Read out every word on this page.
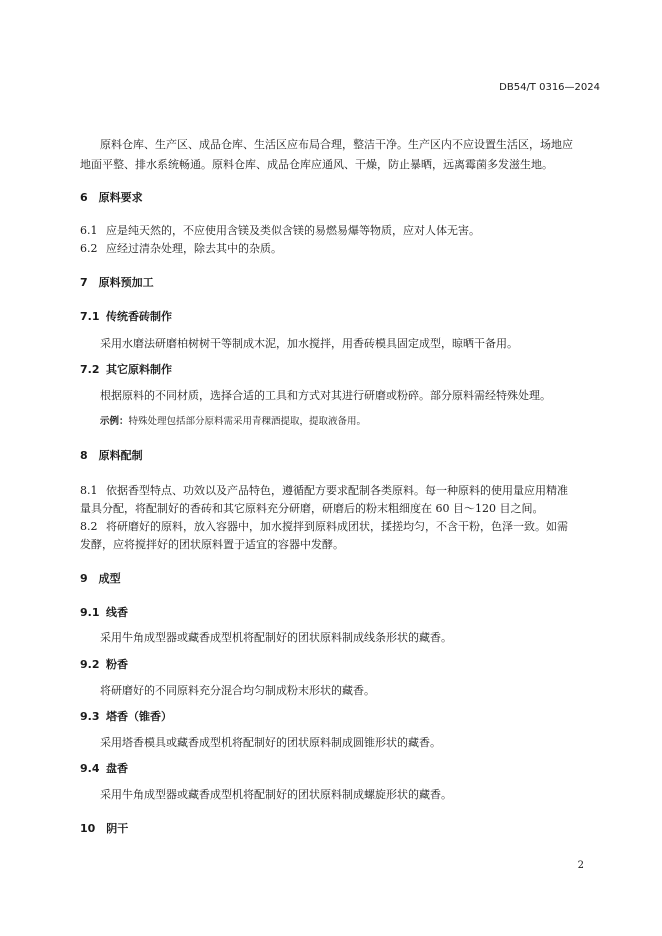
DB54/T 0316—2024
原料仓库、生产区、成品仓库、生活区应布局合理，整洁干净。生产区内不应设置生活区，场地应
地面平整、排水系统畅通。原料仓库、成品仓库应通风、干燥，防止暴晒，远离霉菌多发滋生地。
6　原料要求
6.1 应是纯天然的，不应使用含镁及类似含镁的易燃易爆等物质，应对人体无害。
6.2 应经过清杂处理，除去其中的杂质。
7　原料预加工
7.1 传统香砖制作
采用水磨法研磨柏树树干等制成木泥，加水搅拌，用香砖模具固定成型，晾晒干备用。
7.2 其它原料制作
根据原料的不同材质，选择合适的工具和方式对其进行研磨或粉碎。部分原料需经特殊处理。
示例：特殊处理包括部分原料需采用青稞酒提取，提取液备用。
8　原料配制
8.1 依据香型特点、功效以及产品特色，遵循配方要求配制各类原料。每一种原料的使用量应用精准
量具分配，将配制好的香砖和其它原料充分研磨，研磨后的粉末粗细度在 60 目～120 目之间。
8.2 将研磨好的原料，放入容器中，加水搅拌到原料成团状，揉搓均匀，不含干粉，色泽一致。如需
发酵，应将搅拌好的团状原料置于适宜的容器中发酵。
9　成型
9.1 线香
采用牛角成型器或藏香成型机将配制好的团状原料制成线条形状的藏香。
9.2 粉香
将研磨好的不同原料充分混合均匀制成粉末形状的藏香。
9.3 塔香（锥香）
采用塔香模具或藏香成型机将配制好的团状原料制成圆锥形状的藏香。
9.4 盘香
采用牛角成型器或藏香成型机将配制好的团状原料制成螺旋形状的藏香。
10　阴干
2
